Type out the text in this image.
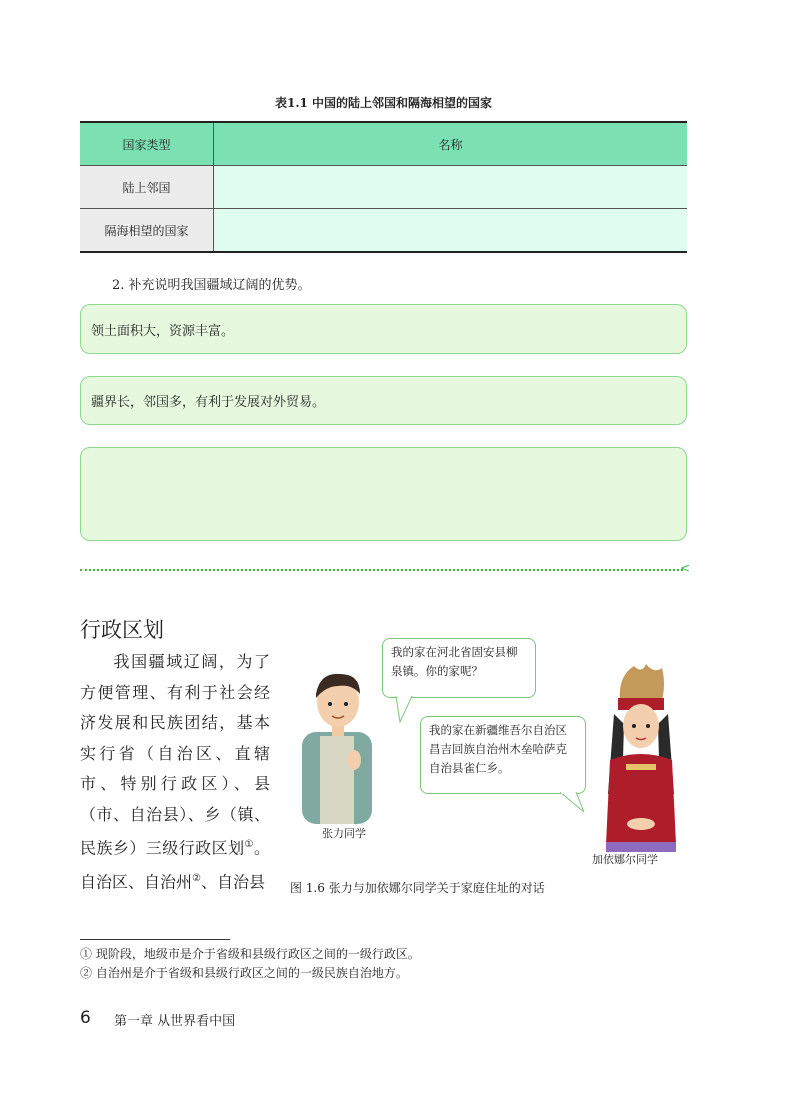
表1.1 中国的陆上邻国和隔海相望的国家
国家类型	名称
陆上邻国	
隔海相望的国家	
2. 补充说明我国疆域辽阔的优势。
领土面积大，资源丰富。
疆界长，邻国多，有利于发展对外贸易。
<
行政区划
我国疆域辽阔，为了方便管理、有利于社会经济发展和民族团结，基本实行省（自治区、直辖市、特别行政区）、县（市、自治县）、乡（镇、民族乡）三级行政区划①。自治区、自治州②、自治县
我的家在河北省固安县柳泉镇。你的家呢？
我的家在新疆维吾尔自治区昌吉回族自治州木垒哈萨克自治县雀仁乡。
张力同学
加依娜尔同学
图 1.6 张力与加依娜尔同学关于家庭住址的对话
① 现阶段，地级市是介于省级和县级行政区之间的一级行政区。
② 自治州是介于省级和县级行政区之间的一级民族自治地方。
6 第一章 从世界看中国
